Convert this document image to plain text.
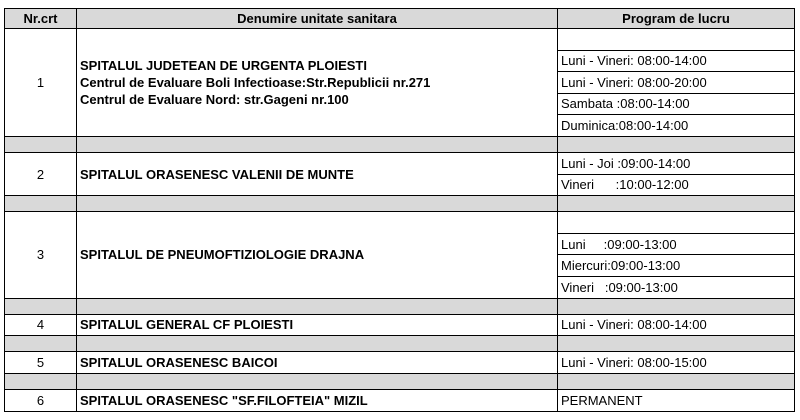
Nr.crt	Denumire unitate sanitara	Program de lucru
1	SPITALUL JUDETEAN DE URGENTA PLOIESTI
Centrul de Evaluare Boli Infectioase:Str.Republicii nr.271
Centrul de Evaluare Nord: str.Gageni nr.100	

		Luni - Vineri: 08:00-14:00
		Luni - Vineri: 08:00-20:00
		Sambata :08:00-14:00
		Duminica:08:00-14:00

2	SPITALUL ORASENESC VALENII DE MUNTE	Luni - Joi :09:00-14:00
		Vineri      :10:00-12:00

3	SPITALUL DE PNEUMOFTIZIOLOGIE DRAJNA	

		Luni     :09:00-13:00
		Miercuri:09:00-13:00
		Vineri   :09:00-13:00

4	SPITALUL GENERAL CF PLOIESTI	Luni - Vineri: 08:00-14:00

5	SPITALUL ORASENESC BAICOI	Luni - Vineri: 08:00-15:00

6	SPITALUL ORASENESC "SF.FILOFTEIA" MIZIL	PERMANENT
